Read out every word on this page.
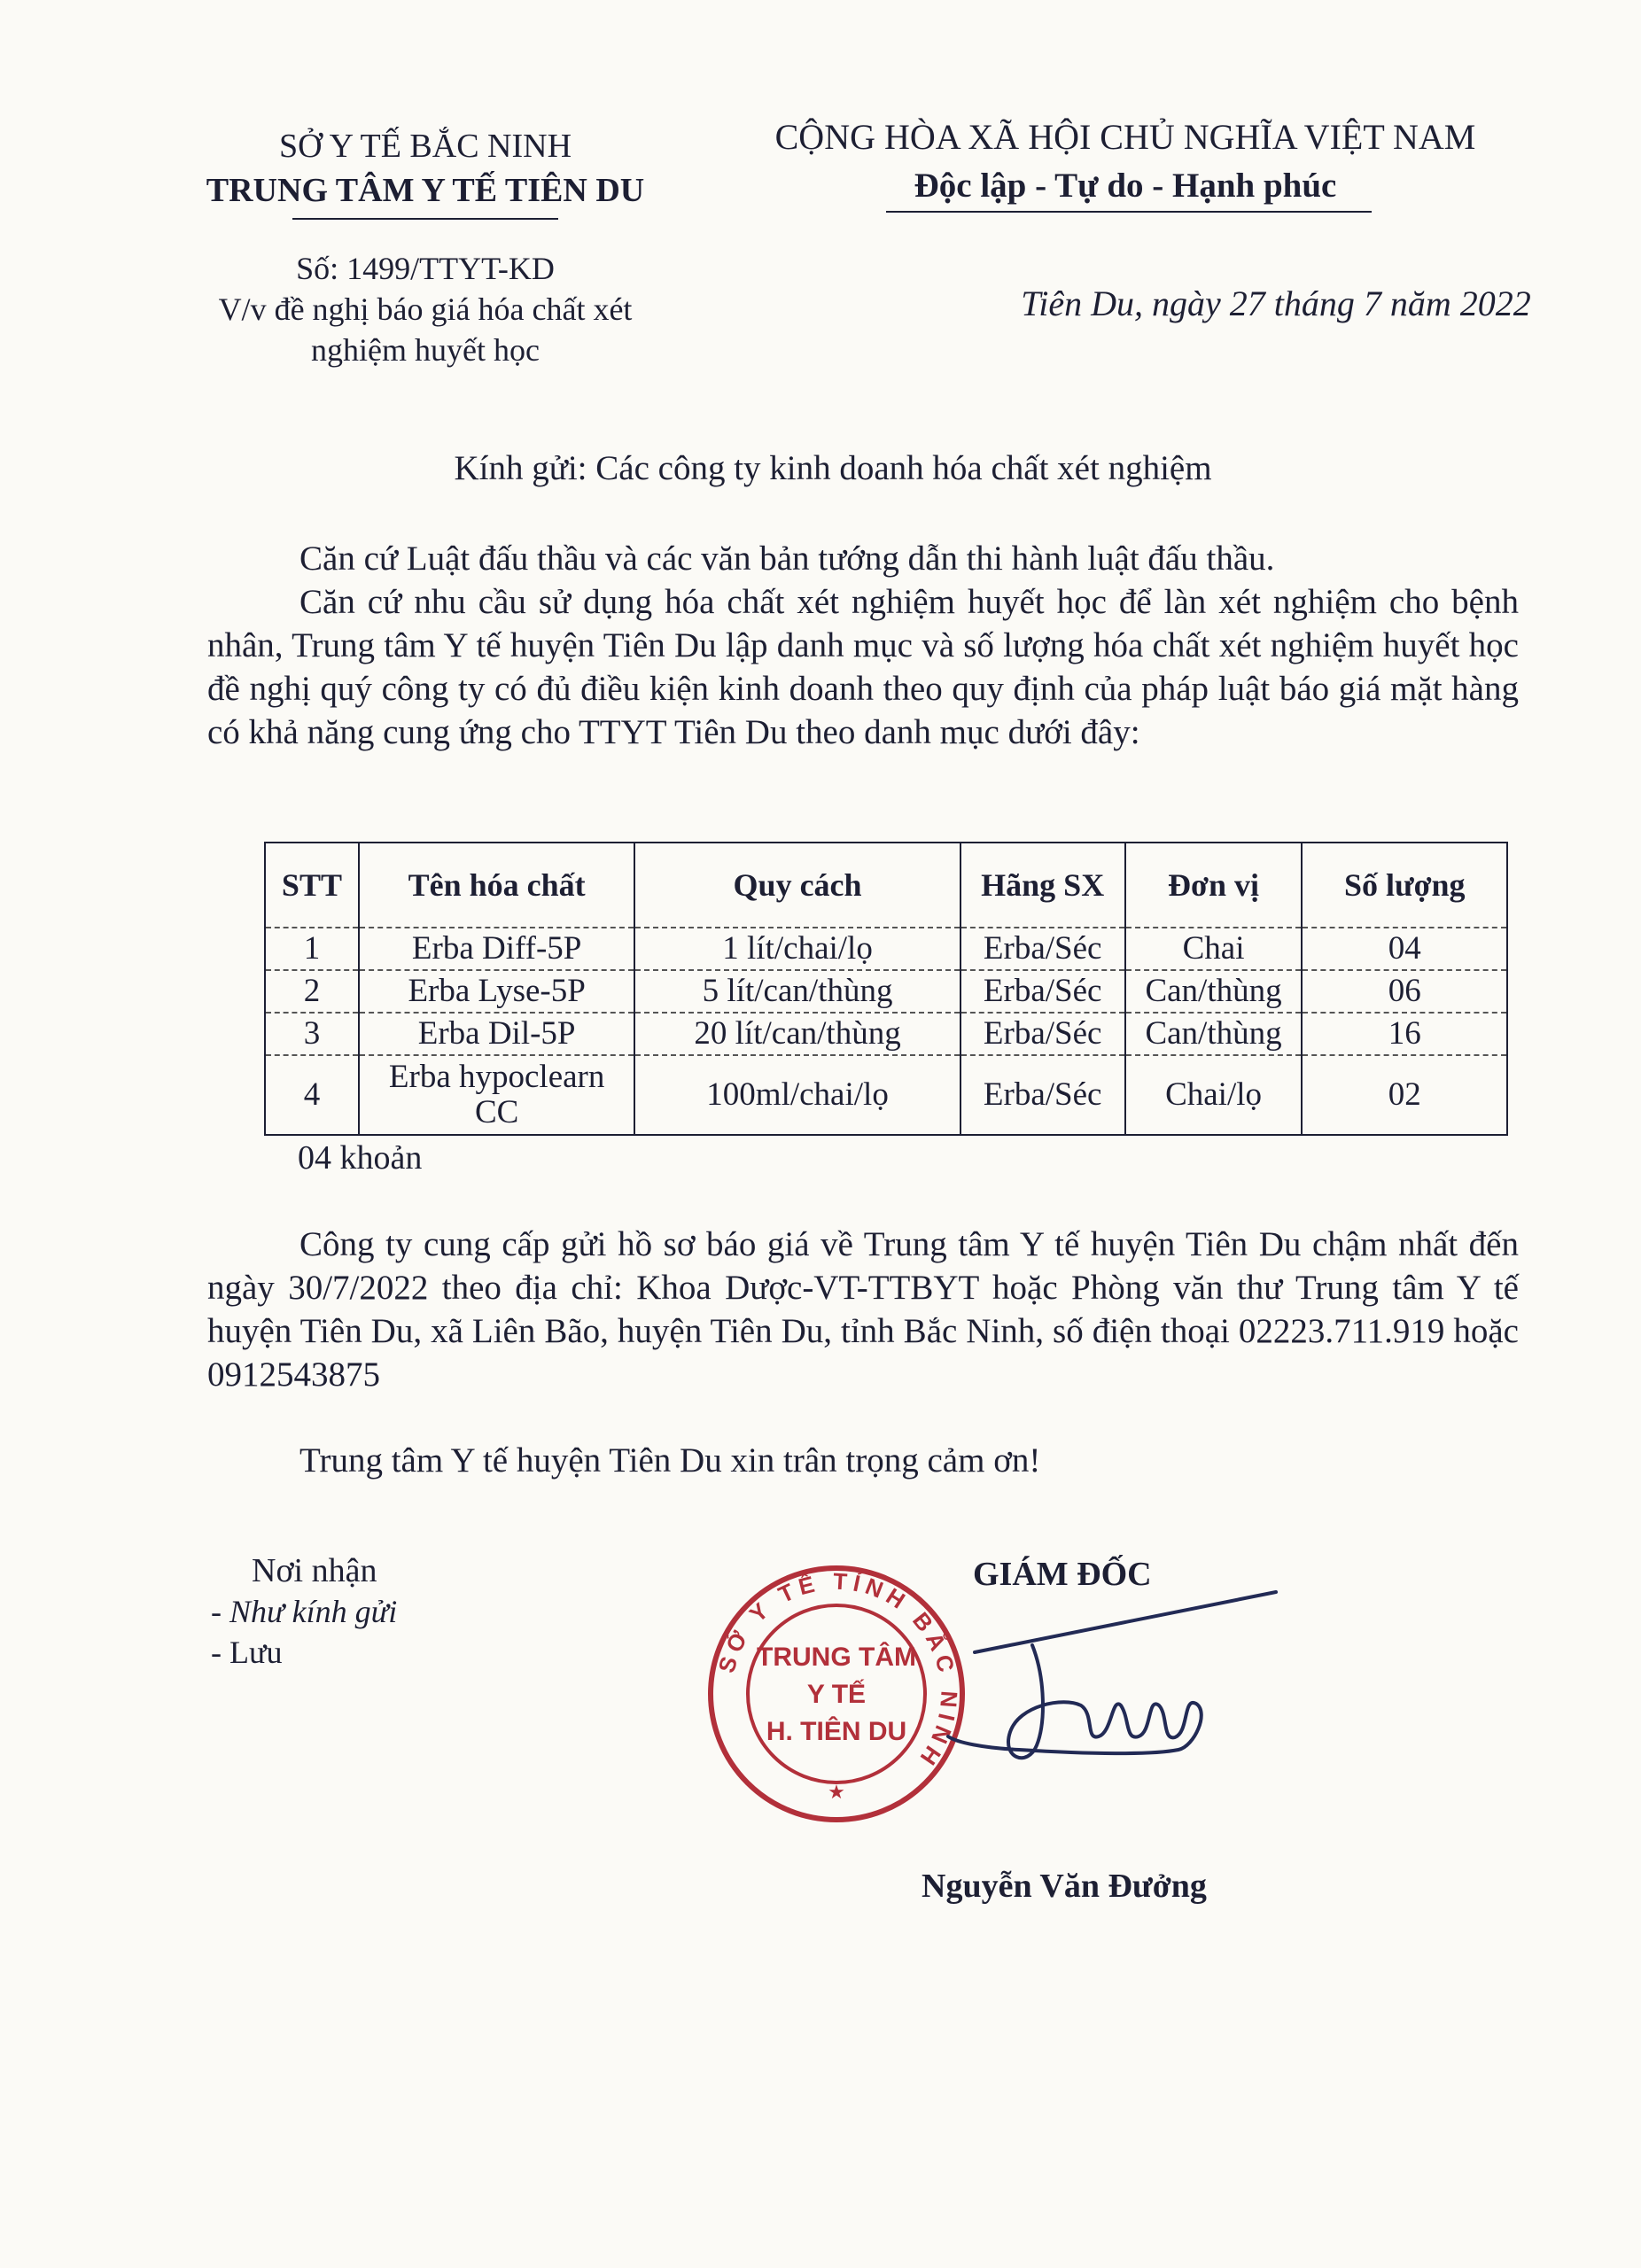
SỞ Y TẾ BẮC NINH
TRUNG TÂM Y TẾ TIÊN DU
Số: 1499/TTYT-KD
V/v đề nghị báo giá hóa chất xét
nghiệm huyết học
CỘNG HÒA XÃ HỘI CHỦ NGHĨA VIỆT NAM
Độc lập - Tự do - Hạnh phúc
Tiên Du, ngày 27 tháng 7 năm 2022
Kính gửi: Các công ty kinh doanh hóa chất xét nghiệm

Căn cứ Luật đấu thầu và các văn bản tướng dẫn thi hành luật đấu thầu.

Căn cứ nhu cầu sử dụng hóa chất xét nghiệm huyết học để làn xét nghiệm cho bệnh nhân, Trung tâm Y tế huyện Tiên Du lập danh mục và số lượng hóa chất xét nghiệm huyết học đề nghị quý công ty có đủ điều kiện kinh doanh theo quy định của pháp luật báo giá mặt hàng có khả năng cung ứng cho TTYT Tiên Du theo danh mục dưới đây:

STT	Tên hóa chất	Quy cách	Hãng SX	Đơn vị	Số lượng
1	Erba Diff-5P	1 lít/chai/lọ	Erba/Séc	Chai	04
2	Erba Lyse-5P	5 lít/can/thùng	Erba/Séc	Can/thùng	06
3	Erba Dil-5P	20 lít/can/thùng	Erba/Séc	Can/thùng	16
4	Erba hypoclearn CC	100ml/chai/lọ	Erba/Séc	Chai/lọ	02
04 khoản

Công ty cung cấp gửi hồ sơ báo giá về Trung tâm Y tế huyện Tiên Du chậm nhất đến ngày 30/7/2022 theo địa chỉ: Khoa Dược-VT-TTBYT hoặc Phòng văn thư Trung tâm Y tế huyện Tiên Du, xã Liên Bão, huyện Tiên Du, tỉnh Bắc Ninh, số điện thoại 02223.711.919 hoặc 0912543875

Trung tâm Y tế huyện Tiên Du xin trân trọng cảm ơn!
Nơi nhận
- Như kính gửi
- Lưu
GIÁM ĐỐC
SỞ Y TẾ TỈNH BẮC NINH
TRUNG TÂM
Y TẾ
H. TIÊN DU
★
Nguyễn Văn Đưởng
